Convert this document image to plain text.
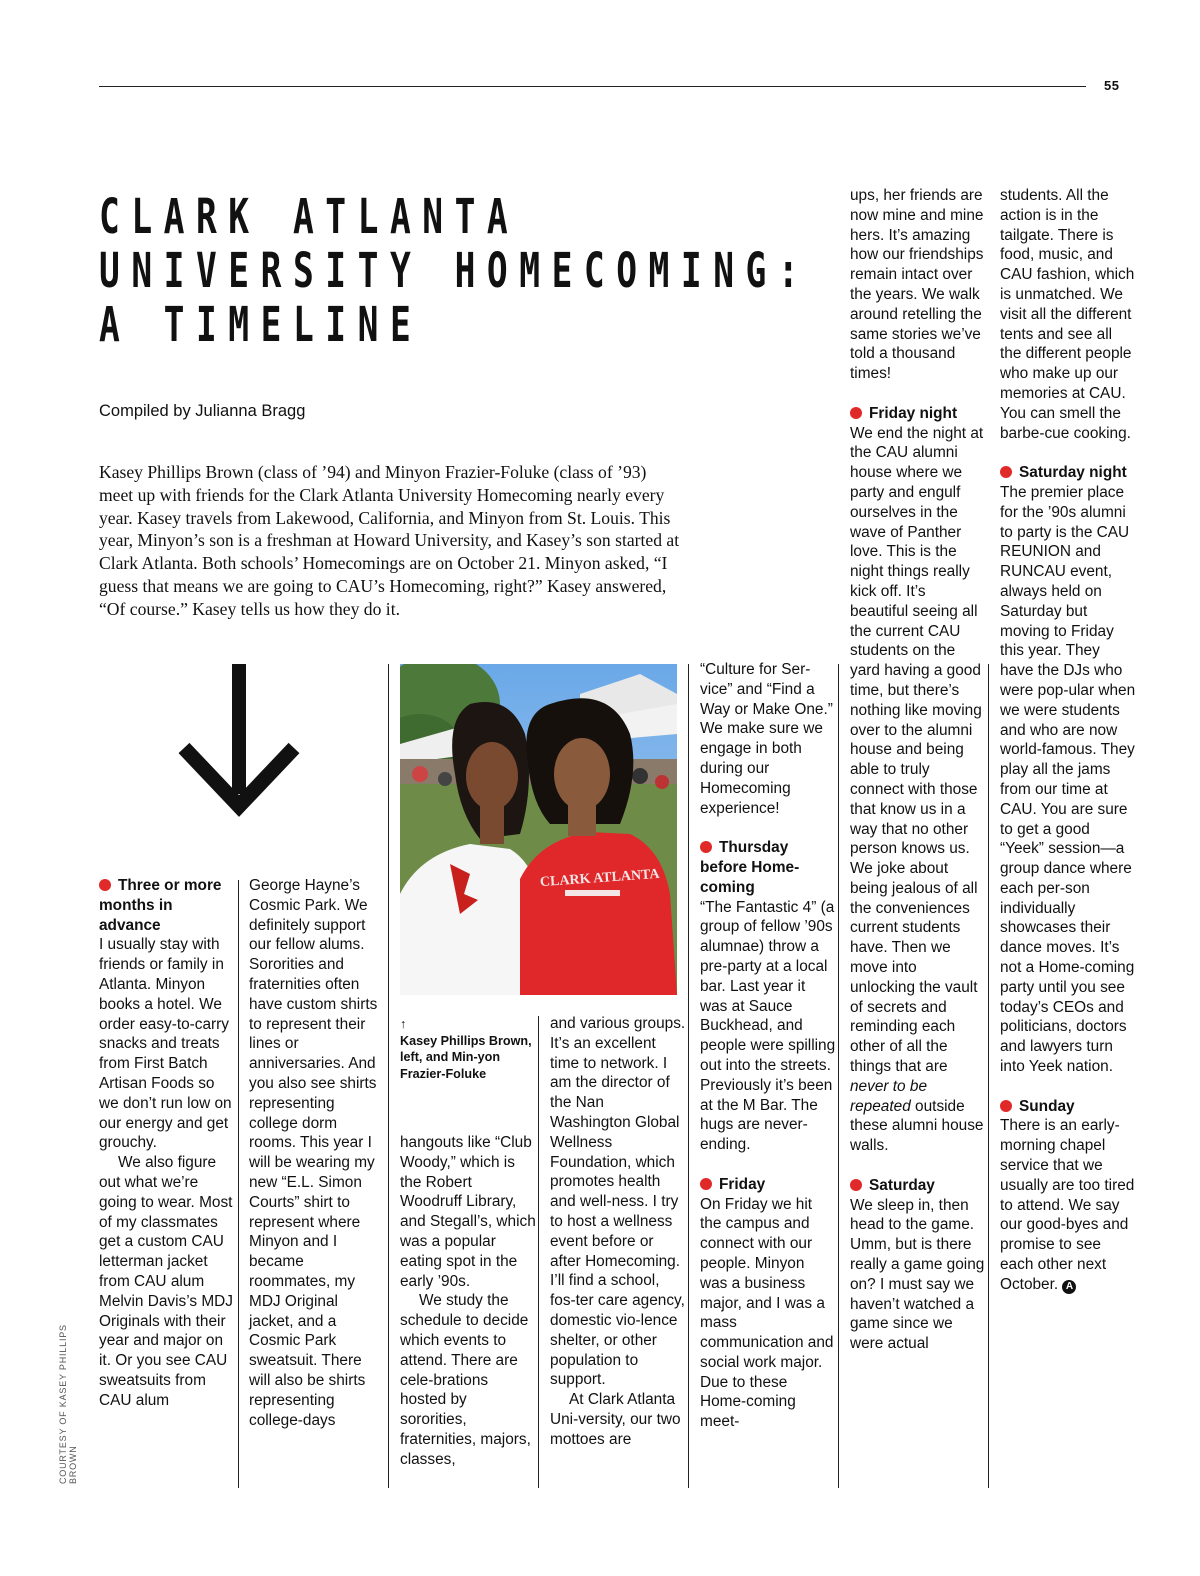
55
CLARK ATLANTA
UNIVERSITY HOMECOMING:
A TIMELINE
Compiled by Julianna Bragg

Kasey Phillips Brown (class of ’94) and Minyon Frazier-Foluke (class of ’93) meet up with friends for the Clark Atlanta University Homecoming nearly every year. Kasey travels from Lakewood, California, and Minyon from St. Louis. This year, Minyon’s son is a freshman at Howard University, and Kasey’s son started at Clark Atlanta. Both schools’ Homecomings are on October 21. Minyon asked, “I guess that means we are going to CAU’s Homecoming, right?” Kasey answered, “Of course.” Kasey tells us how they do it.

CLARK ATLANTA
↑
Kasey Phillips Brown, left, and Min-yon Frazier-Foluke
COURTESY OF KASEY PHILLIPS BROWN
Three or more months in advance

I usually stay with friends or family in Atlanta. Minyon books a hotel. We order easy-to-carry snacks and treats from First Batch Artisan Foods so we don’t run low on our energy and get grouchy.

We also figure out what we’re going to wear. Most of my classmates get a custom CAU letterman jacket from CAU alum Melvin Davis’s MDJ Originals with their year and major on it. Or you see CAU sweatsuits from CAU alum

George Hayne’s Cosmic Park. We definitely support our fellow alums. Sororities and fraternities often have custom shirts to represent their lines or anniversaries. And you also see shirts representing college dorm rooms. This year I will be wearing my new “E.L. Simon Courts” shirt to represent where Minyon and I became roommates, my MDJ Original jacket, and a Cosmic Park sweatsuit. There will also be shirts representing college-days

hangouts like “Club Woody,” which is the Robert Woodruff Library, and Stegall’s, which was a popular eating spot in the early ’90s.

We study the schedule to decide which events to attend. There are cele-brations hosted by sororities, fraternities, majors, classes,

and various groups. It’s an excellent time to network. I am the director of the Nan Washington Global Wellness Foundation, which promotes health and well-ness. I try to host a wellness event before or after Homecoming. I’ll find a school, fos-ter care agency, domestic vio-lence shelter, or other population to support.

At Clark Atlanta Uni-versity, our two mottoes are

“Culture for Ser-vice” and “Find a Way or Make One.” We make sure we engage in both during our Homecoming experience!

Thursday before Home-coming

“The Fantastic 4” (a group of fellow ’90s alumnae) throw a pre-party at a local bar. Last year it was at Sauce Buckhead, and people were spilling out into the streets. Previously it’s been at the M Bar. The hugs are never-ending.

Friday

On Friday we hit the campus and connect with our people. Minyon was a business major, and I was a mass communication and social work major. Due to these Home-coming meet-

ups, her friends are now mine and mine hers. It’s amazing how our friendships remain intact over the years. We walk around retelling the same stories we’ve told a thousand times!

Friday night

We end the night at the CAU alumni house where we party and engulf ourselves in the wave of Panther love. This is the night things really kick off. It’s beautiful seeing all the current CAU students on the yard having a good time, but there’s nothing like moving over to the alumni house and being able to truly connect with those that know us in a way that no other person knows us. We joke about being jealous of all the conveniences current students have. Then we move into unlocking the vault of secrets and reminding each other of all the things that are never to be repeated outside these alumni house walls.

Saturday

We sleep in, then head to the game. Umm, but is there really a game going on? I must say we haven’t watched a game since we were actual

students. All the action is in the tailgate. There is food, music, and CAU fashion, which is unmatched. We visit all the different tents and see all the different people who make up our memories at CAU. You can smell the barbe-cue cooking.

Saturday night

The premier place for the ’90s alumni to party is the CAU REUNION and RUNCAU event, always held on Saturday but moving to Friday this year. They have the DJs who were pop-ular when we were students and who are now world-famous. They play all the jams from our time at CAU. You are sure to get a good “Yeek” session—a group dance where each per-son individually showcases their dance moves. It’s not a Home-coming party until you see today’s CEOs and politicians, doctors and lawyers turn into Yeek nation.

Sunday

There is an early-morning chapel service that we usually are too tired to attend. We say our good-byes and promise to see each other next October. A
